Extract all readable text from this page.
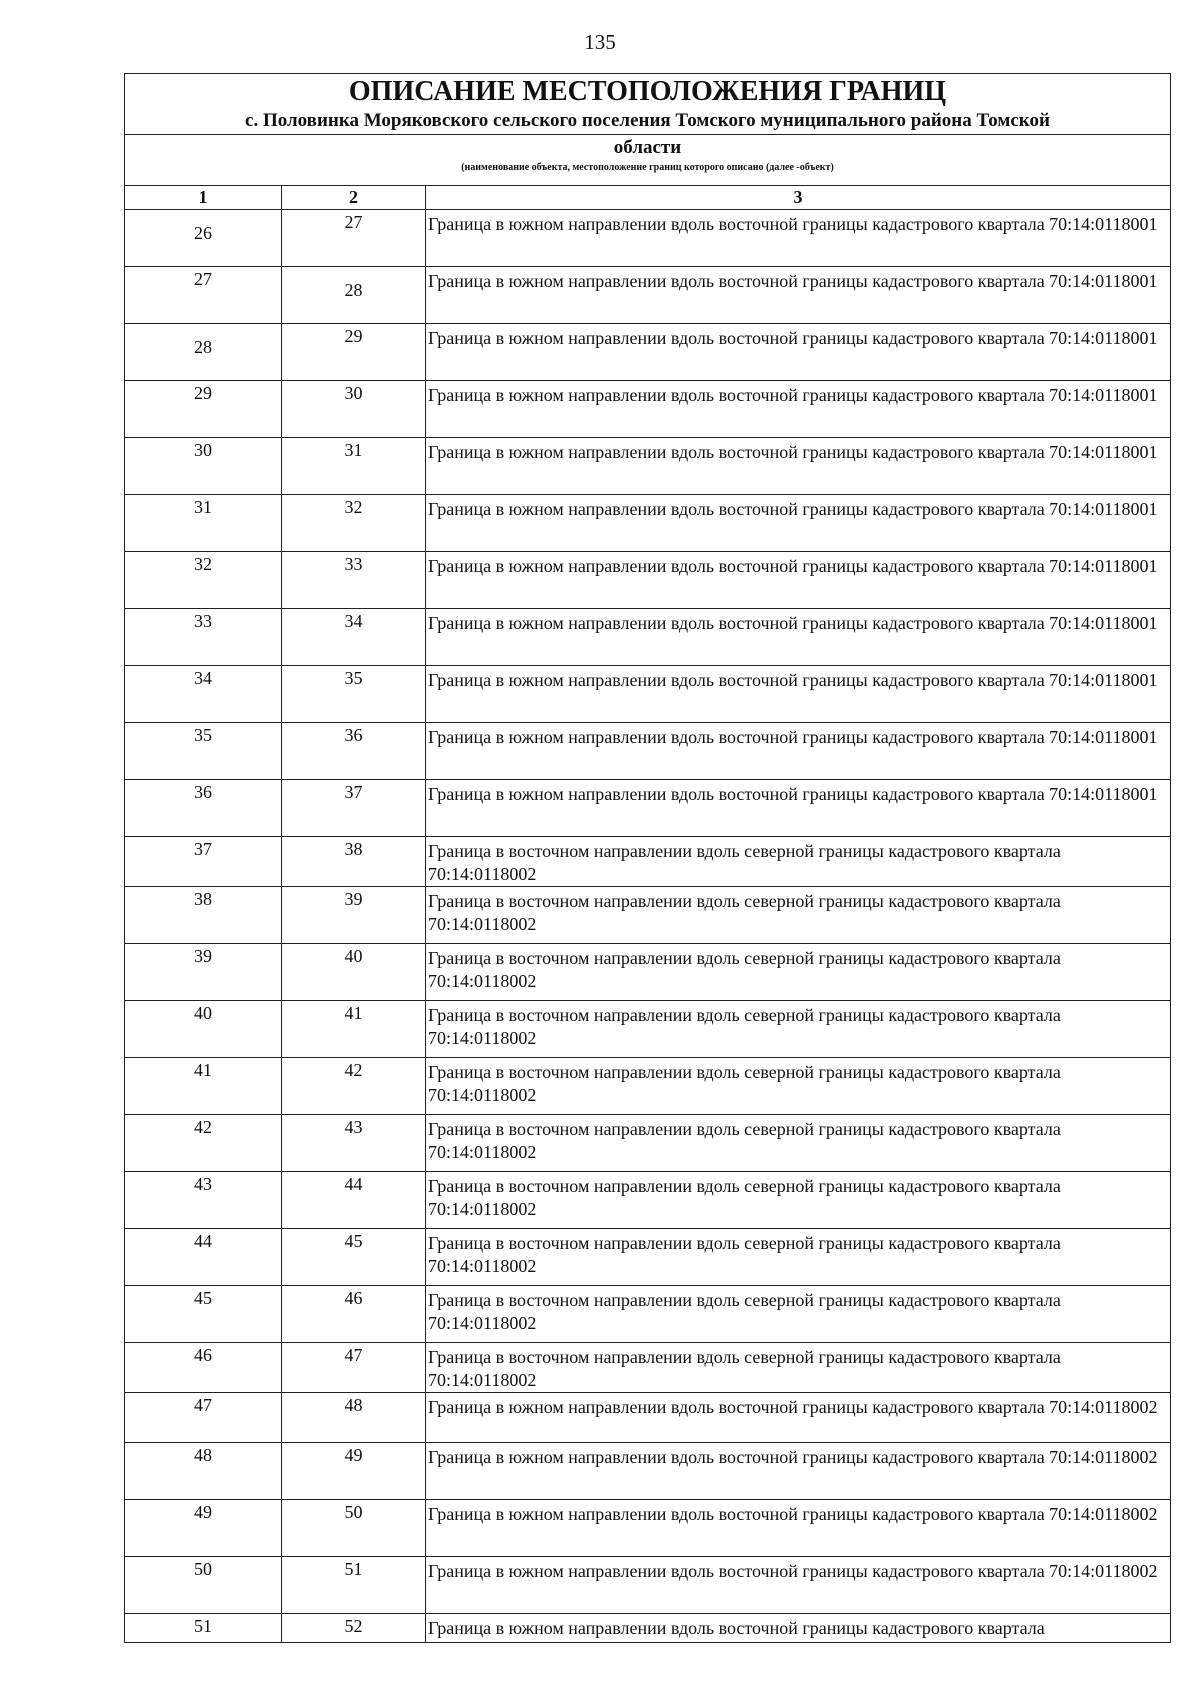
135
ОПИСАНИЕ МЕСТОПОЛОЖЕНИЯ ГРАНИЦ
с. Половинка Моряковского сельского поселения Томского муниципального района Томской		

области
(наименование объекта, местоположение границ которого описано (далее -объект)		

1	2	3

26	27	Граница в южном направлении вдоль восточной границы кадастрового квартала 70:14:0118001

27	28	Граница в южном направлении вдоль восточной границы кадастрового квартала 70:14:0118001

28	29	Граница в южном направлении вдоль восточной границы кадастрового квартала 70:14:0118001

29	30	Граница в южном направлении вдоль восточной границы кадастрового квартала 70:14:0118001

30	31	Граница в южном направлении вдоль восточной границы кадастрового квартала 70:14:0118001

31	32	Граница в южном направлении вдоль восточной границы кадастрового квартала 70:14:0118001

32	33	Граница в южном направлении вдоль восточной границы кадастрового квартала 70:14:0118001

33	34	Граница в южном направлении вдоль восточной границы кадастрового квартала 70:14:0118001

34	35	Граница в южном направлении вдоль восточной границы кадастрового квартала 70:14:0118001

35	36	Граница в южном направлении вдоль восточной границы кадастрового квартала 70:14:0118001

36	37	Граница в южном направлении вдоль восточной границы кадастрового квартала 70:14:0118001

37	38	Граница в восточном направлении вдоль северной границы кадастрового квартала 70:14:0118002

38	39	Граница в восточном направлении вдоль северной границы кадастрового квартала 70:14:0118002

39	40	Граница в восточном направлении вдоль северной границы кадастрового квартала 70:14:0118002

40	41	Граница в восточном направлении вдоль северной границы кадастрового квартала 70:14:0118002

41	42	Граница в восточном направлении вдоль северной границы кадастрового квартала 70:14:0118002

42	43	Граница в восточном направлении вдоль северной границы кадастрового квартала 70:14:0118002

43	44	Граница в восточном направлении вдоль северной границы кадастрового квартала 70:14:0118002

44	45	Граница в восточном направлении вдоль северной границы кадастрового квартала 70:14:0118002

45	46	Граница в восточном направлении вдоль северной границы кадастрового квартала 70:14:0118002

46	47	Граница в восточном направлении вдоль северной границы кадастрового квартала 70:14:0118002

47	48	Граница в южном направлении вдоль восточной границы кадастрового квартала 70:14:0118002

48	49	Граница в южном направлении вдоль восточной границы кадастрового квартала 70:14:0118002

49	50	Граница в южном направлении вдоль восточной границы кадастрового квартала 70:14:0118002

50	51	Граница в южном направлении вдоль восточной границы кадастрового квартала 70:14:0118002

51	52	Граница в южном направлении вдоль восточной границы кадастрового квартала
